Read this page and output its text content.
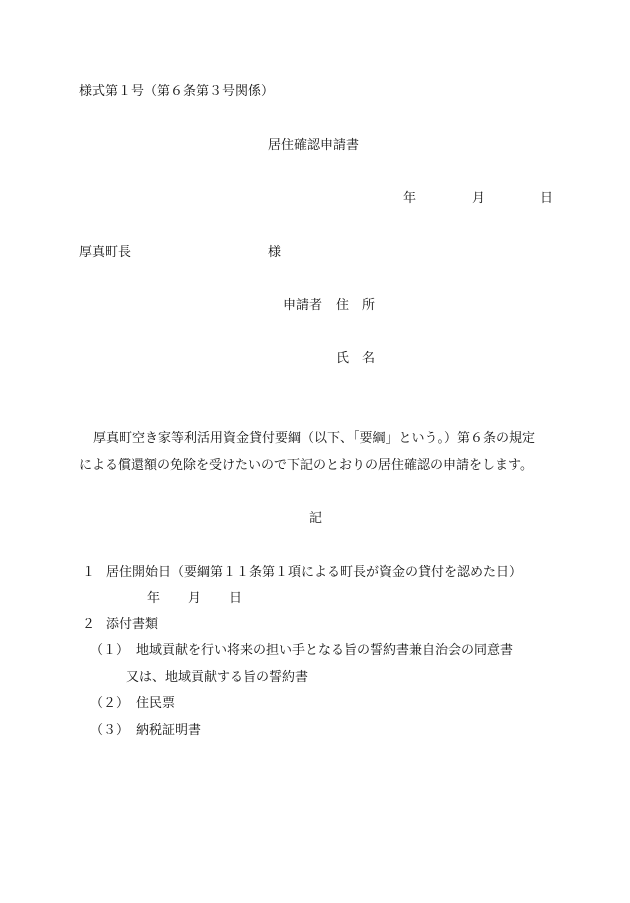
様式第１号（第６条第３号関係）
居住確認申請書
年	月	日
厚真町長	様
申請者 住　所
氏　名
厚真町空き家等利活用資金貸付要綱（以下、「要綱」という。）第６条の規定
による償還額の免除を受けたいので下記のとおりの居住確認の申請をします。
記
１ 居住開始日（要綱第１１条第１項による町長が資金の貸付を認めた日）
年 月 日
２ 添付書類
（１） 地域貢献を行い将来の担い手となる旨の誓約書兼自治会の同意書
又は、地域貢献する旨の誓約書
（２） 住民票
（３） 納税証明書
